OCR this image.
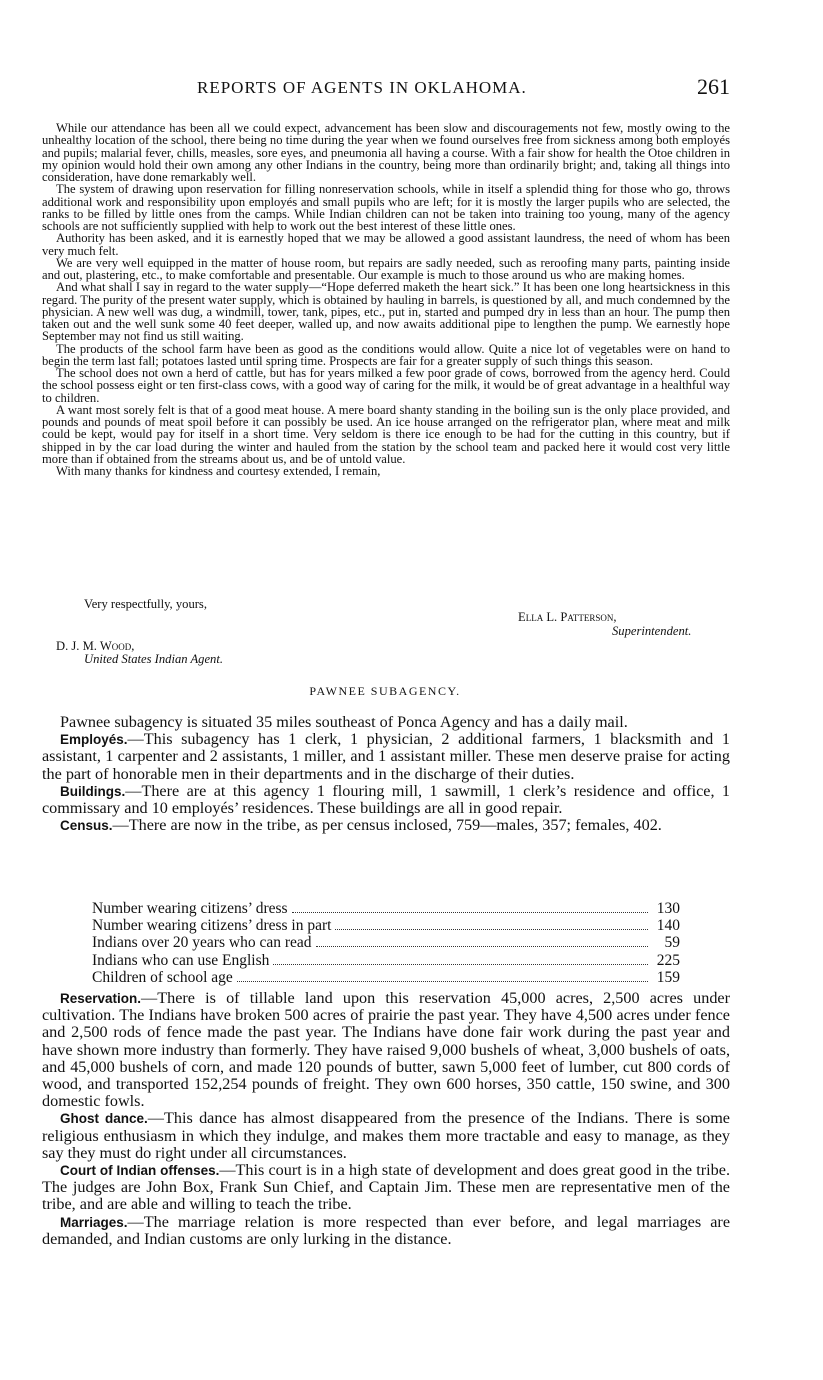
REPORTS OF AGENTS IN OKLAHOMA.	261

While our attendance has been all we could expect, advancement has been slow and discouragements not few, mostly owing to the unhealthy location of the school, there being no time during the year when we found ourselves free from sickness among both employés and pupils; malarial fever, chills, measles, sore eyes, and pneumonia all having a course. With a fair show for health the Otoe children in my opinion would hold their own among any other Indians in the country, being more than ordinarily bright; and, taking all things into consideration, have done remarkably well.

The system of drawing upon reservation for filling nonreservation schools, while in itself a splendid thing for those who go, throws additional work and responsibility upon employés and small pupils who are left; for it is mostly the larger pupils who are selected, the ranks to be filled by little ones from the camps. While Indian children can not be taken into training too young, many of the agency schools are not sufficiently supplied with help to work out the best interest of these little ones.

Authority has been asked, and it is earnestly hoped that we may be allowed a good assistant laundress, the need of whom has been very much felt.

We are very well equipped in the matter of house room, but repairs are sadly needed, such as reroofing many parts, painting inside and out, plastering, etc., to make comfortable and presentable. Our example is much to those around us who are making homes.

And what shall I say in regard to the water supply—“Hope deferred maketh the heart sick.” It has been one long heartsickness in this regard. The purity of the present water supply, which is obtained by hauling in barrels, is questioned by all, and much condemned by the physician. A new well was dug, a windmill, tower, tank, pipes, etc., put in, started and pumped dry in less than an hour. The pump then taken out and the well sunk some 40 feet deeper, walled up, and now awaits additional pipe to lengthen the pump. We earnestly hope September may not find us still waiting.

The products of the school farm have been as good as the conditions would allow. Quite a nice lot of vegetables were on hand to begin the term last fall; potatoes lasted until spring time. Prospects are fair for a greater supply of such things this season.

The school does not own a herd of cattle, but has for years milked a few poor grade of cows, borrowed from the agency herd. Could the school possess eight or ten first-class cows, with a good way of caring for the milk, it would be of great advantage in a healthful way to children.

A want most sorely felt is that of a good meat house. A mere board shanty standing in the boiling sun is the only place provided, and pounds and pounds of meat spoil before it can possibly be used. An ice house arranged on the refrigerator plan, where meat and milk could be kept, would pay for itself in a short time. Very seldom is there ice enough to be had for the cutting in this country, but if shipped in by the car load during the winter and hauled from the station by the school team and packed here it would cost very little more than if obtained from the streams about us, and be of untold value.

With many thanks for kindness and courtesy extended, I remain,

Very respectfully, yours,
Ella L. Patterson,
Superintendent.
D. J. M. Wood,
United States Indian Agent.
PAWNEE SUBAGENCY.

Pawnee subagency is situated 35 miles southeast of Ponca Agency and has a daily mail.

Employés.—This subagency has 1 clerk, 1 physician, 2 additional farmers, 1 blacksmith and 1 assistant, 1 carpenter and 2 assistants, 1 miller, and 1 assistant miller. These men deserve praise for acting the part of honorable men in their departments and in the discharge of their duties.

Buildings.—There are at this agency 1 flouring mill, 1 sawmill, 1 clerk’s residence and office, 1 commissary and 10 employés’ residences. These buildings are all in good repair.

Census.—There are now in the tribe, as per census inclosed, 759—males, 357; females, 402.

Number wearing citizens’ dress	130
Number wearing citizens’ dress in part	140
Indians over 20 years who can read	59
Indians who can use English	225
Children of school age	159

Reservation.—There is of tillable land upon this reservation 45,000 acres, 2,500 acres under cultivation. The Indians have broken 500 acres of prairie the past year. They have 4,500 acres under fence and 2,500 rods of fence made the past year. The Indians have done fair work during the past year and have shown more industry than formerly. They have raised 9,000 bushels of wheat, 3,000 bushels of oats, and 45,000 bushels of corn, and made 120 pounds of butter, sawn 5,000 feet of lumber, cut 800 cords of wood, and transported 152,254 pounds of freight. They own 600 horses, 350 cattle, 150 swine, and 300 domestic fowls.

Ghost dance.—This dance has almost disappeared from the presence of the Indians. There is some religious enthusiasm in which they indulge, and makes them more tractable and easy to manage, as they say they must do right under all circumstances.

Court of Indian offenses.—This court is in a high state of development and does great good in the tribe. The judges are John Box, Frank Sun Chief, and Captain Jim. These men are representative men of the tribe, and are able and willing to teach the tribe.

Marriages.—The marriage relation is more respected than ever before, and legal marriages are demanded, and Indian customs are only lurking in the distance.
